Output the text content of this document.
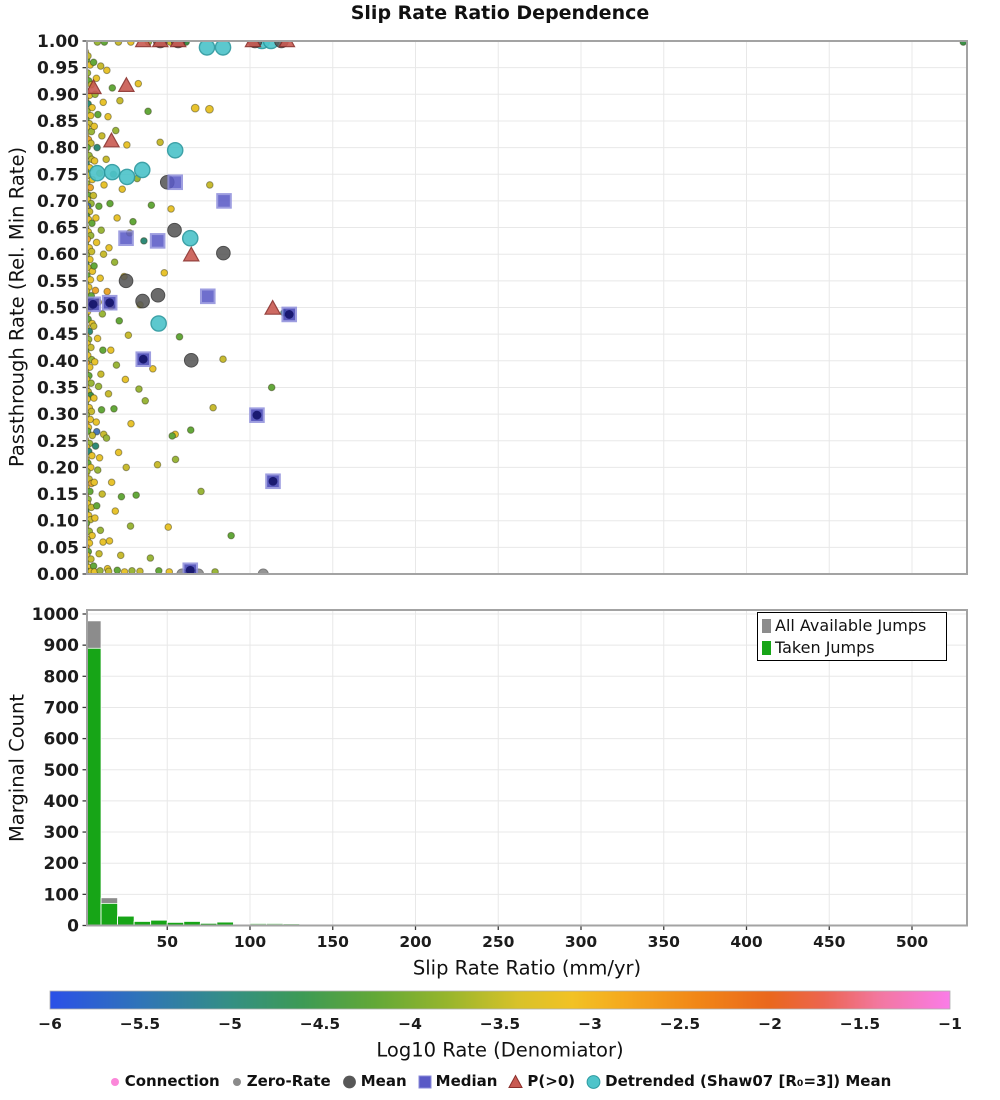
Slip Rate Ratio Dependence
0.00
0.05
0.10
0.15
0.20
0.25
0.30
0.35
0.40
0.45
0.50
0.55
0.60
0.65
0.70
0.75
0.80
0.85
0.90
0.95
1.00
0
100
200
300
400
500
600
700
800
900
1000
50	100	150	200	250	300	350	400	450	500
−6	−5.5	−5	−4.5	−4	−3.5	−3	−2.5	−2	−1.5	−1
Passthrough Rate (Rel. Min Rate)
Marginal Count
Slip Rate Ratio (mm/yr)
Log10 Rate (Denomiator)
All Available Jumps
Taken Jumps
Connection Zero-Rate Mean Median P(>0) Detrended (Shaw07 [R₀=3]) Mean
